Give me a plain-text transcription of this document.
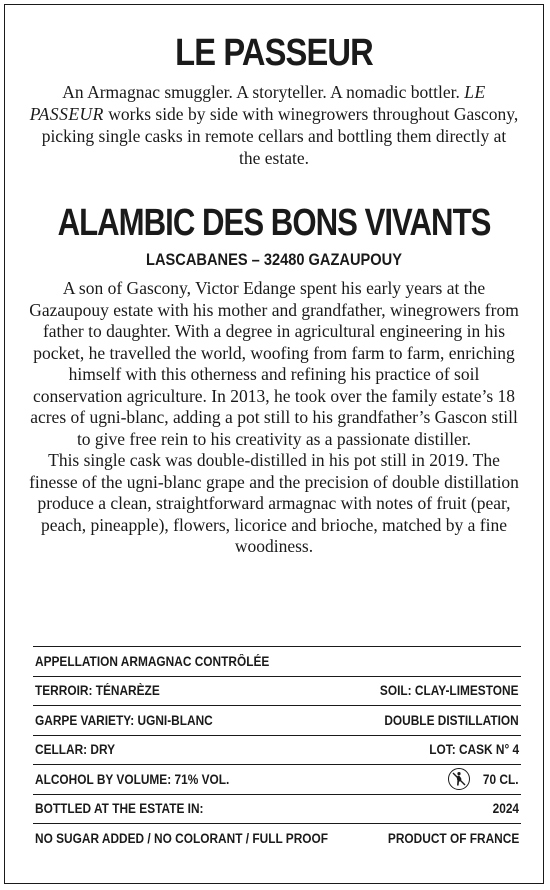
LE PASSEUR
An Armagnac smuggler. A storyteller. A nomadic bottler. LE PASSEUR works side by side with winegrowers throughout Gascony, picking single casks in remote cellars and bottling them directly at the estate.
ALAMBIC DES BONS VIVANTS
LASCABANES – 32480 GAZAUPOUY

A son of Gascony, Victor Edange spent his early years at the Gazaupouy estate with his mother and grandfather, winegrowers from father to daughter. With a degree in agricultural engineering in his pocket, he travelled the world, woofing from farm to farm, enriching himself with this otherness and refining his practice of soil conservation agriculture. In 2013, he took over the family estate’s 18 acres of ugni-blanc, adding a pot still to his grandfather’s Gascon still to give free rein to his creativity as a passionate distiller.

This single cask was double-distilled in his pot still in 2019. The finesse of the ugni-blanc grape and the precision of double distillation produce a clean, straightforward armagnac with notes of fruit (pear, peach, pineapple), flowers, licorice and brioche, matched by a fine woodiness.

APPELLATION ARMAGNAC CONTRÔLÉE
TERROIR: TÉNARÈZE	SOIL: CLAY-LIMESTONE
GARPE VARIETY: UGNI-BLANC	DOUBLE DISTILLATION
CELLAR: DRY	LOT: CASK N° 4
ALCOHOL BY VOLUME: 71% VOL.	70 CL.
BOTTLED AT THE ESTATE IN:	2024
NO SUGAR ADDED / NO COLORANT / FULL PROOF	PRODUCT OF FRANCE
